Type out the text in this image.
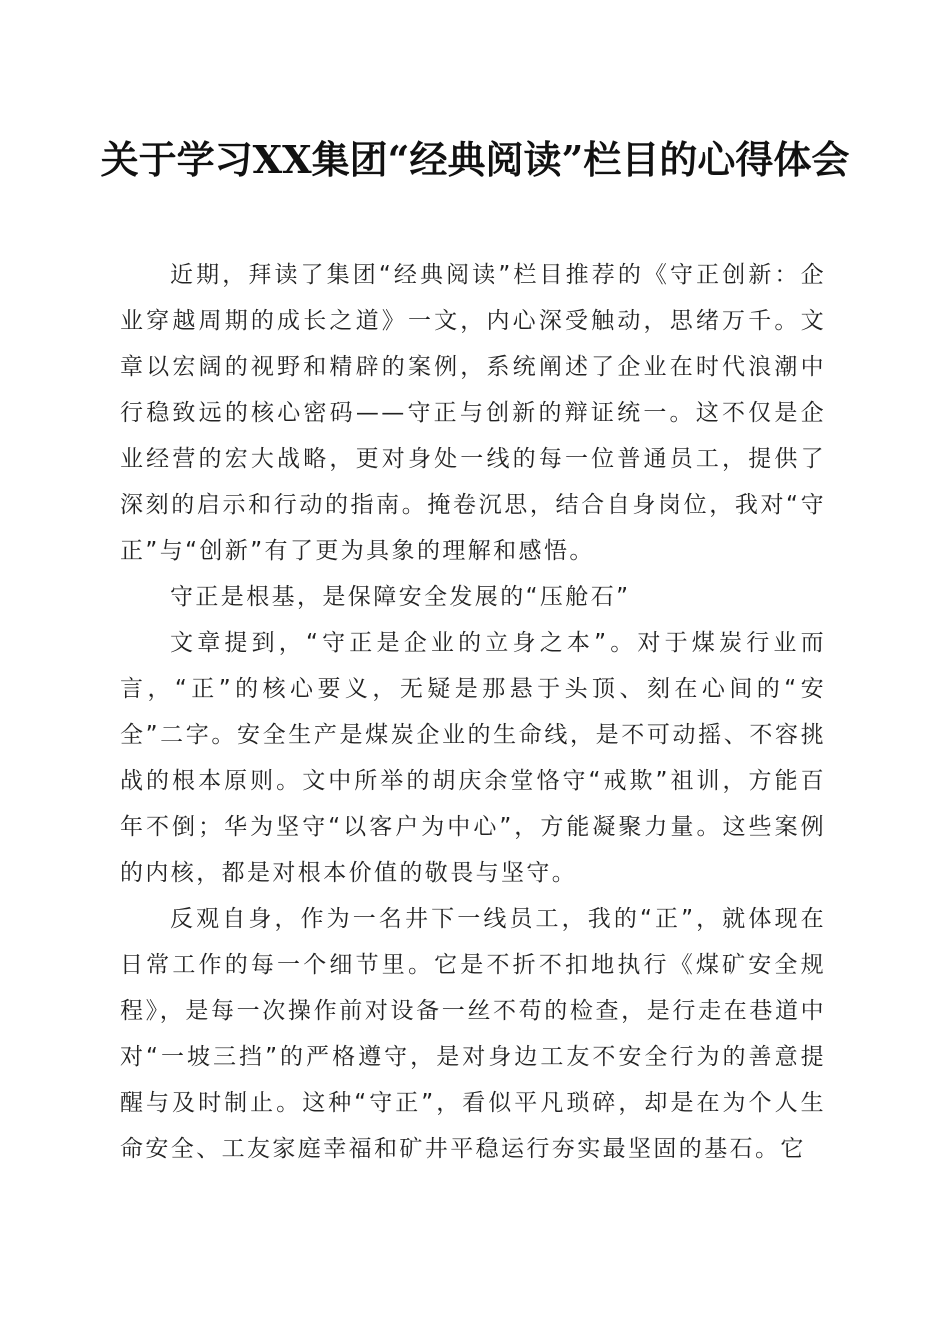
关于学习XX集团“经典阅读”栏目的心得体会

近期，拜读了集团“经典阅读”栏目推荐的《守正创新：企业穿越周期的成长之道》一文，内心深受触动，思绪万千。文章以宏阔的视野和精辟的案例，系统阐述了企业在时代浪潮中行稳致远的核心密码——守正与创新的辩证统一。这不仅是企业经营的宏大战略，更对身处一线的每一位普通员工，提供了深刻的启示和行动的指南。掩卷沉思，结合自身岗位，我对“守正”与“创新”有了更为具象的理解和感悟。

守正是根基，是保障安全发展的“压舱石”

文章提到，“守正是企业的立身之本”。对于煤炭行业而言，“正”的核心要义，无疑是那悬于头顶、刻在心间的“安全”二字。安全生产是煤炭企业的生命线，是不可动摇、不容挑战的根本原则。文中所举的胡庆余堂恪守“戒欺”祖训，方能百年不倒；华为坚守“以客户为中心”，方能凝聚力量。这些案例的内核，都是对根本价值的敬畏与坚守。

反观自身，作为一名井下一线员工，我的“正”，就体现在日常工作的每一个细节里。它是不折不扣地执行《煤矿安全规程》，是每一次操作前对设备一丝不苟的检查，是行走在巷道中对“一坡三挡”的严格遵守，是对身边工友不安全行为的善意提醒与及时制止。这种“守正”，看似平凡琐碎，却是在为个人生命安全、工友家庭幸福和矿井平稳运行夯实最坚固的基石。它
